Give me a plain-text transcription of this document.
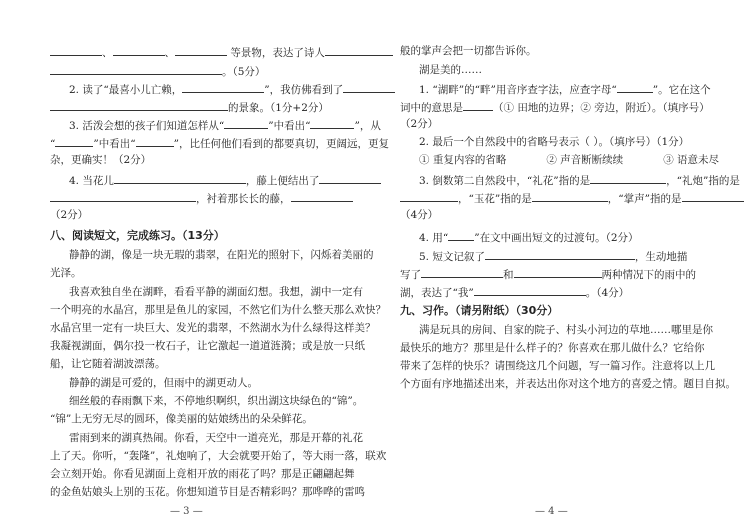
、	、	等景物，表达了诗人
。（5分）
2. 读了“最喜小儿亡赖，	”，我仿佛看到了
的景象。（1分+2分）
3. 活泼会想的孩子们知道怎样从“	”中看出“	”，从
“	”中看出“	”，比任何他们看到的都要真切，更阔远，更复
杂，更确实！（2分）
4. 当花儿	，藤上便结出了
，衬着那长长的藤，
（2分）
八、阅读短文，完成练习。（13分）
静静的湖，像是一块无瑕的翡翠，在阳光的照射下，闪烁着美丽的
光泽。
我喜欢独自坐在湖畔，看看平静的湖面幻想。我想，湖中一定有
一个明亮的水晶宫，那里是鱼儿的家园，不然它们为什么整天那么欢快？
水晶宫里一定有一块巨大、发光的翡翠，不然湖水为什么绿得这样美？
我凝视湖面，偶尔投一枚石子，让它激起一道道涟漪；或是放一只纸
船，让它随着湖波漂荡。
静静的湖是可爱的，但雨中的湖更动人。
细丝般的春雨飘下来，不停地织啊织，织出湖这块绿色的“锦”。
“锦”上无穷无尽的圆环，像美丽的姑娘绣出的朵朵鲜花。
雷雨到来的湖真热闹。你看，天空中一道亮光，那是开幕的礼花
上了天。你听，“轰隆”，礼炮响了，大会就要开始了，等大雨一落，联欢
会立刻开始。你看见湖面上竟相开放的雨花了吗？那是正翩翩起舞
的金鱼姑娘头上别的玉花。你想知道节目是否精彩吗？那哗哗的雷鸣
— 3 —
般的掌声会把一切都告诉你。
湖是美的……
1. “湖畔”的“畔”用音序查字法，应查字母“	”。它在这个
词中的意思是	（① 田地的边界；② 旁边，附近）。（填序号）
（2分）
2. 最后一个自然段中的省略号表示（ ）。（填序号）（1分）
① 重复内容的省略	② 声音断断续续	③ 语意未尽
3. 倒数第二自然段中，“礼花”指的是	，“礼炮”指的是
，“玉花”指的是	，“掌声”指的是
（4分）
4. 用“ ”在文中画出短文的过渡句。（2分）
5. 短文记叙了	，生动地描
写了	和	两种情况下的雨中的
湖，表达了“我”	。（4分）
九、习作。（请另附纸）（30分）
满是玩具的房间、自家的院子、村头小河边的草地……哪里是你
最快乐的地方？那里是什么样子的？你喜欢在那儿做什么？它给你
带来了怎样的快乐？请围绕这几个问题，写一篇习作。注意将以上几
个方面有序地描述出来，并表达出你对这个地方的喜爱之情。题目自拟。
— 4 —
